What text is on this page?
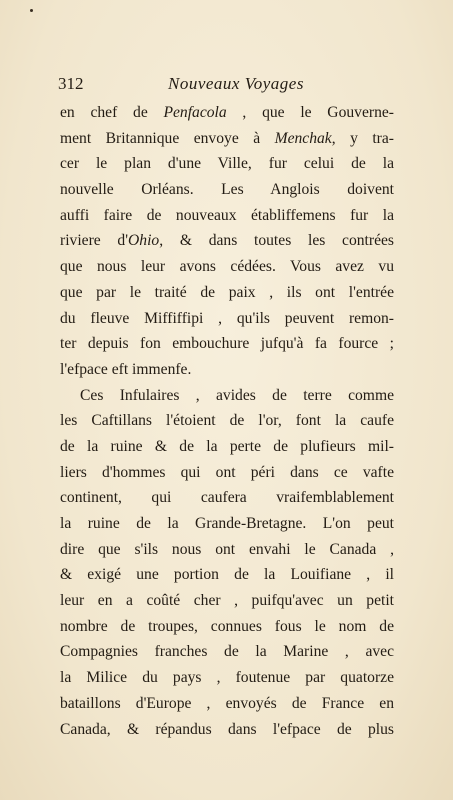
312	Nouveaux Voyages
en chef de Penfacola , que le Gouverne-
ment Britannique envoye à Menchak, y tra-
cer le plan d'une Ville, fur celui de la
nouvelle Orléans. Les Anglois doivent
auffi faire de nouveaux établiffemens fur la
riviere d'Ohio, & dans toutes les contrées
que nous leur avons cédées. Vous avez vu
que par le traité de paix , ils ont l'entrée
du fleuve Miffiffipi , qu'ils peuvent remon-
ter depuis fon embouchure jufqu'à fa fource ;
l'efpace eft immenfe.
Ces Infulaires , avides de terre comme
les Caftillans l'étoient de l'or, font la caufe
de la ruine & de la perte de plufieurs mil-
liers d'hommes qui ont péri dans ce vafte
continent, qui caufera vraifemblablement
la ruine de la Grande-Bretagne. L'on peut
dire que s'ils nous ont envahi le Canada ,
& exigé une portion de la Louifiane , il
leur en a coûté cher , puifqu'avec un petit
nombre de troupes, connues fous le nom de
Compagnies franches de la Marine , avec
la Milice du pays , foutenue par quatorze
bataillons d'Europe , envoyés de France en
Canada, & répandus dans l'efpace de plus
